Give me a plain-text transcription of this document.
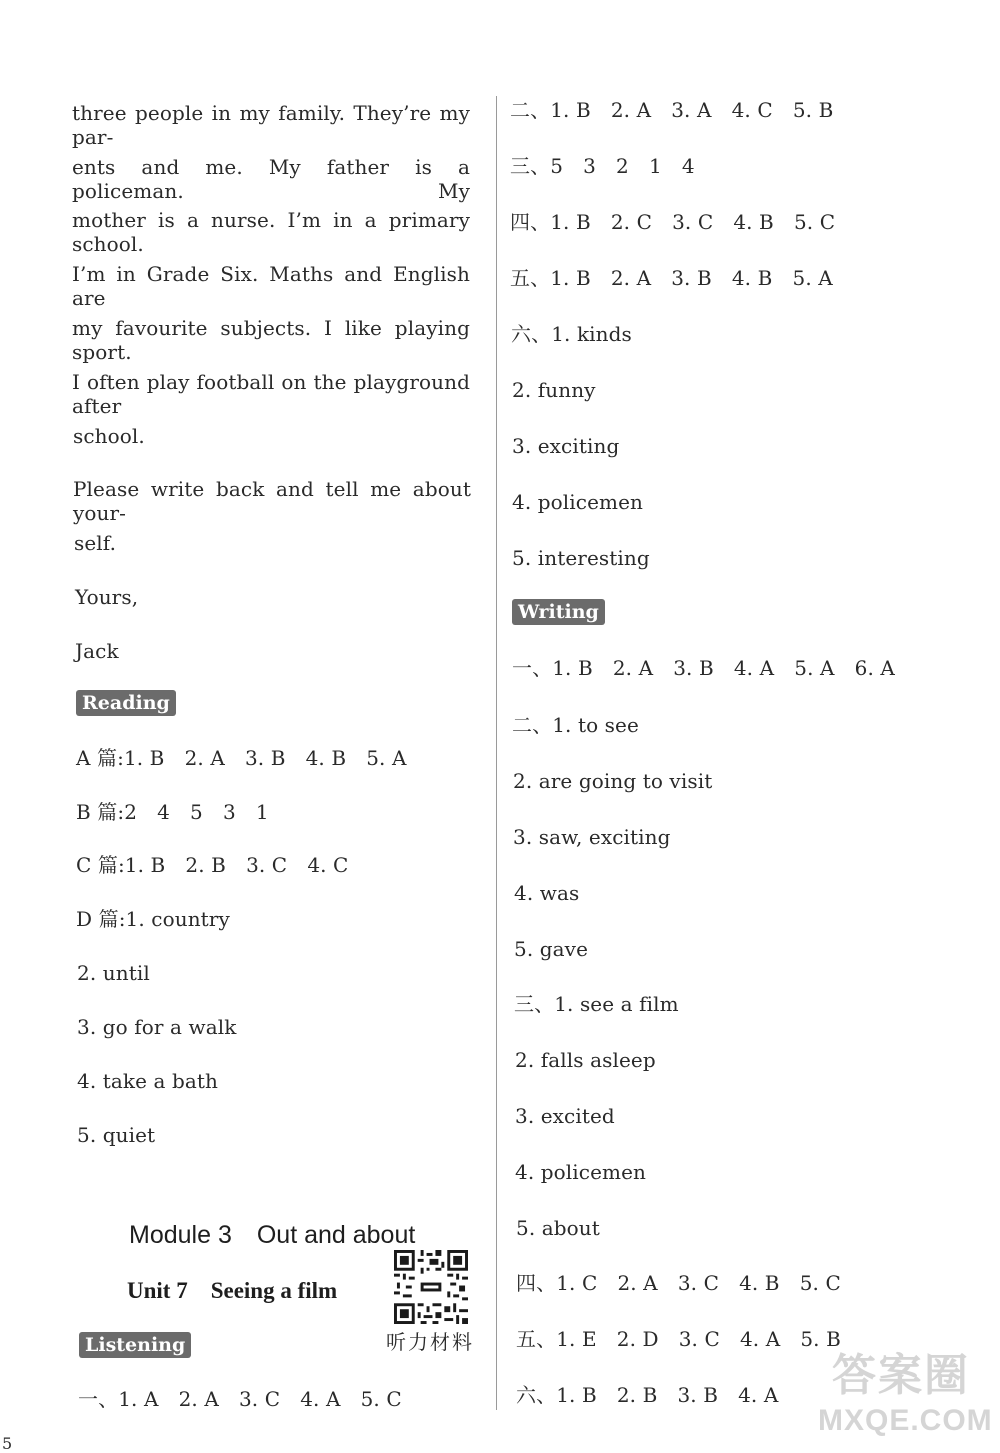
three people in my family. They’re my par-
ents and me. My father is a policeman. My
mother is a nurse. I’m in a primary school.
I’m in Grade Six. Maths and English are
my favourite subjects. I like playing sport.
I often play football on the playground after
school.
Please write back and tell me about your-
self.
Yours,
Jack
Reading
A 篇:1. B　2. A　3. B　4. B　5. A
B 篇:2　4　5　3　1
C 篇:1. B　2. B　3. C　4. C
D 篇:1. country
2. until
3. go for a walk
4. take a bath
5. quiet
Module 3　Out and about
Unit 7　Seeing a film
听力材料
Listening
一、1. A　2. A　3. C　4. A　5. C
二、1. B　2. A　3. A　4. C　5. B
三、5　3　2　1　4
四、1. B　2. C　3. C　4. B　5. C
五、1. B　2. A　3. B　4. B　5. A
六、1. kinds
2. funny
3. exciting
4. policemen
5. interesting
Writing
一、1. B　2. A　3. B　4. A　5. A　6. A
二、1. to see
2. are going to visit
3. saw, exciting
4. was
5. gave
三、1. see a film
2. falls asleep
3. excited
4. policemen
5. about
四、1. C　2. A　3. C　4. B　5. C
五、1. E　2. D　3. C　4. A　5. B
六、1. B　2. B　3. B　4. A 答案圈
MXQE.COM
5
